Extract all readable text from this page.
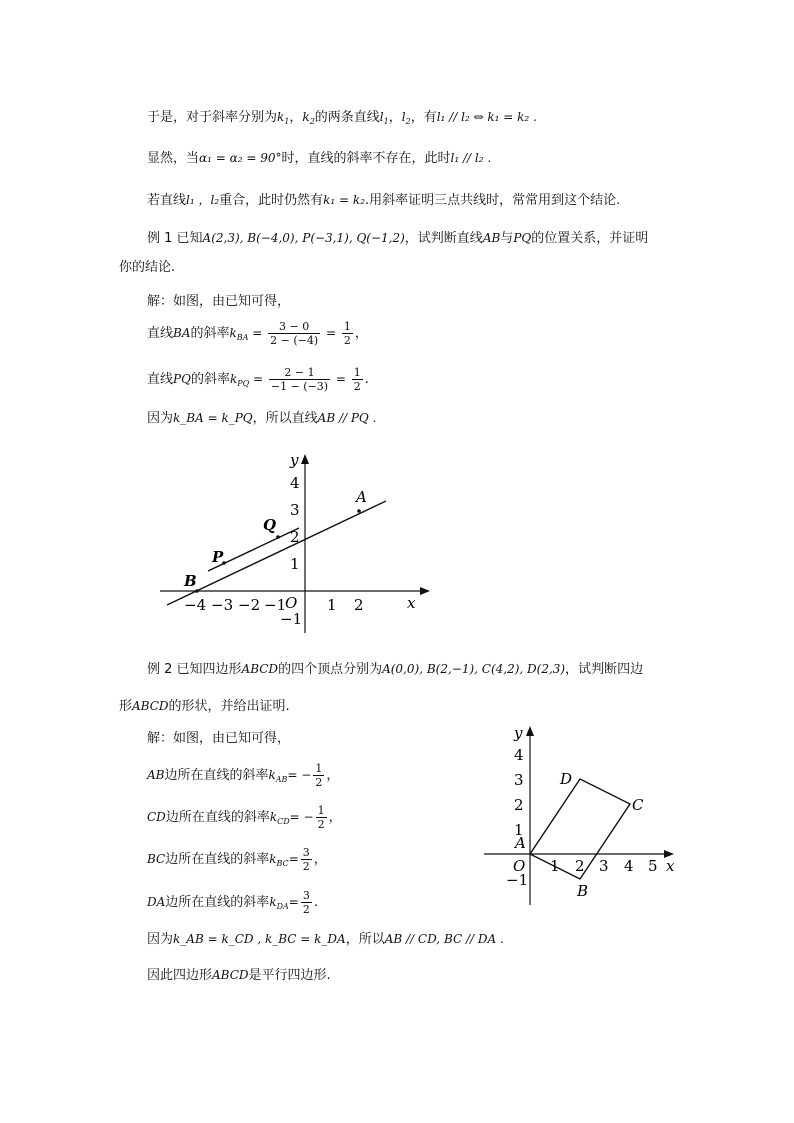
于是，对于斜率分别为$k_1$，$k_2$的两条直线$l_1$，$l_2$，有l₁ // l₂ ⇔ k₁ = k₂ .
显然，当α₁ = α₂ = 90°时，直线的斜率不存在，此时l₁ // l₂ .
若直线l₁ ，l₂重合，此时仍然有k₁ = k₂.用斜率证明三点共线时，常常用到这个结论.
例 1 已知A(2,3), B(−4,0), P(−3,1), Q(−1,2)，试判断直线AB与PQ的位置关系，并证明
你的结论.
解：如图，由已知可得，
直线BA的斜率$k_{BA} = \frac{3 - 0}{2 - (-4)} = \frac{1}{2}$ ，
直线PQ的斜率$k_{PQ} = \frac{2 - 1}{-1 - (-3)} = \frac{1}{2}$ .
因为k_BA = k_PQ，所以直线AB // PQ .
A
B
P
Q
y
x
O
−4 −3 −2 −1	1 2
4
3
2
1
−1
例 2 已知四边形ABCD的四个顶点分别为A(0,0), B(2,−1), C(4,2), D(2,3)，试判断四边
形ABCD的形状，并给出证明.
解：如图，由已知可得，
AB边所在直线的斜率$k_{AB}= - \frac{1}{2}$ ，
CD边所在直线的斜率$k_{CD}= - \frac{1}{2}$ ，
BC边所在直线的斜率$k_{BC}= \frac{3}{2}$ ，
DA边所在直线的斜率$k_{DA}= \frac{3}{2}$ .
因为k_AB = k_CD , k_BC = k_DA，所以AB // CD, BC // DA .
因此四边形ABCD是平行四边形.
A
B
C
D
y
x
O 1 2 3 4 5
4
3
2
1
−1
